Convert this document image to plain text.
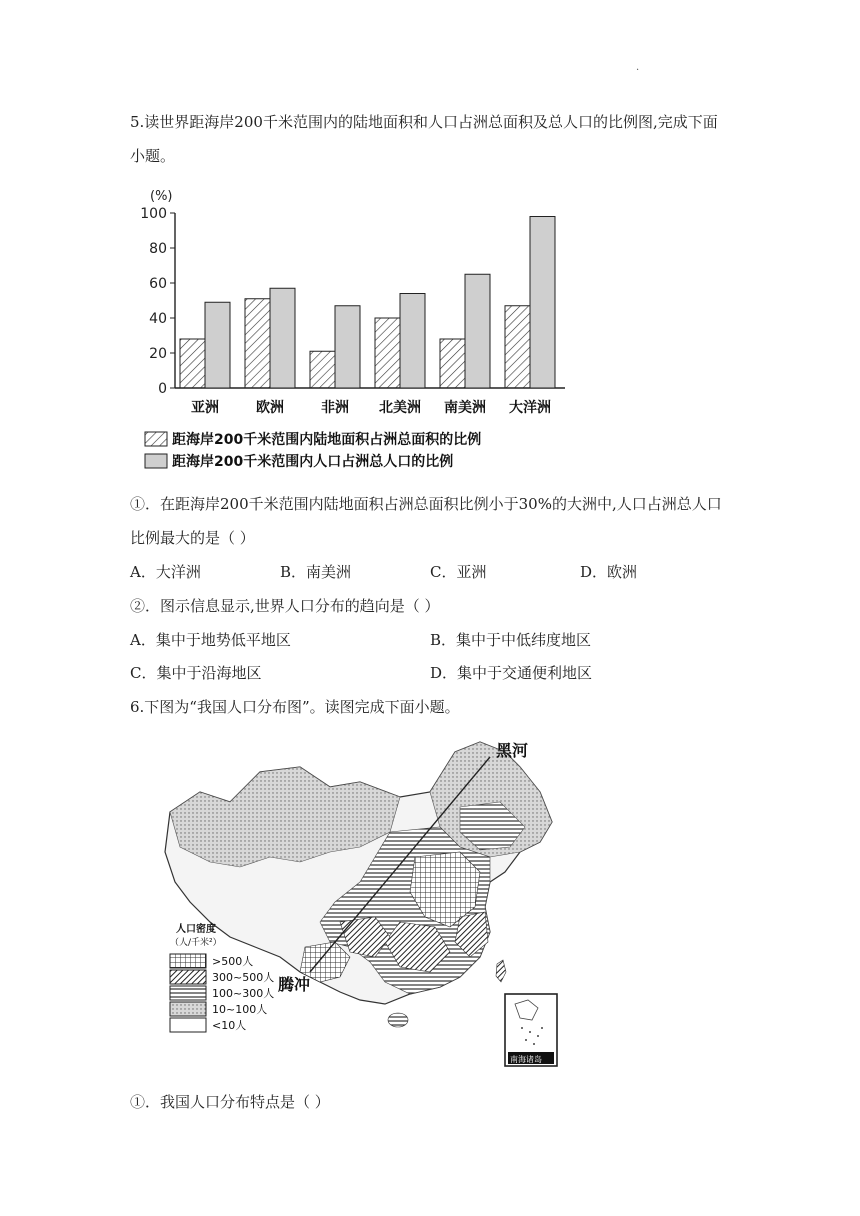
.
5.读世界距海岸200千米范围内的陆地面积和人口占洲总面积及总人口的比例图,完成下面
小题。
(%)
0
20
40
60
80
100
亚洲	欧洲	非洲 北美洲 南美洲 大洋洲
距海岸200千米范围内陆地面积占洲总面积的比例
距海岸200千米范围内人口占洲总人口的比例
①．在距海岸200千米范围内陆地面积占洲总面积比例小于30%的大洲中,人口占洲总人口
比例最大的是（ ）
A．大洋洲	B．南美洲	C．亚洲	D．欧洲
②．图示信息显示,世界人口分布的趋向是（ ）
A．集中于地势低平地区	B．集中于中低纬度地区
C．集中于沿海地区	D．集中于交通便利地区
6.下图为“我国人口分布图”。读图完成下面小题。
黑河
腾冲
人口密度
（人/千米²）
>500人
300~500人
100~300人
10~100人
<10人
南海诸岛
①．我国人口分布特点是（ ）
